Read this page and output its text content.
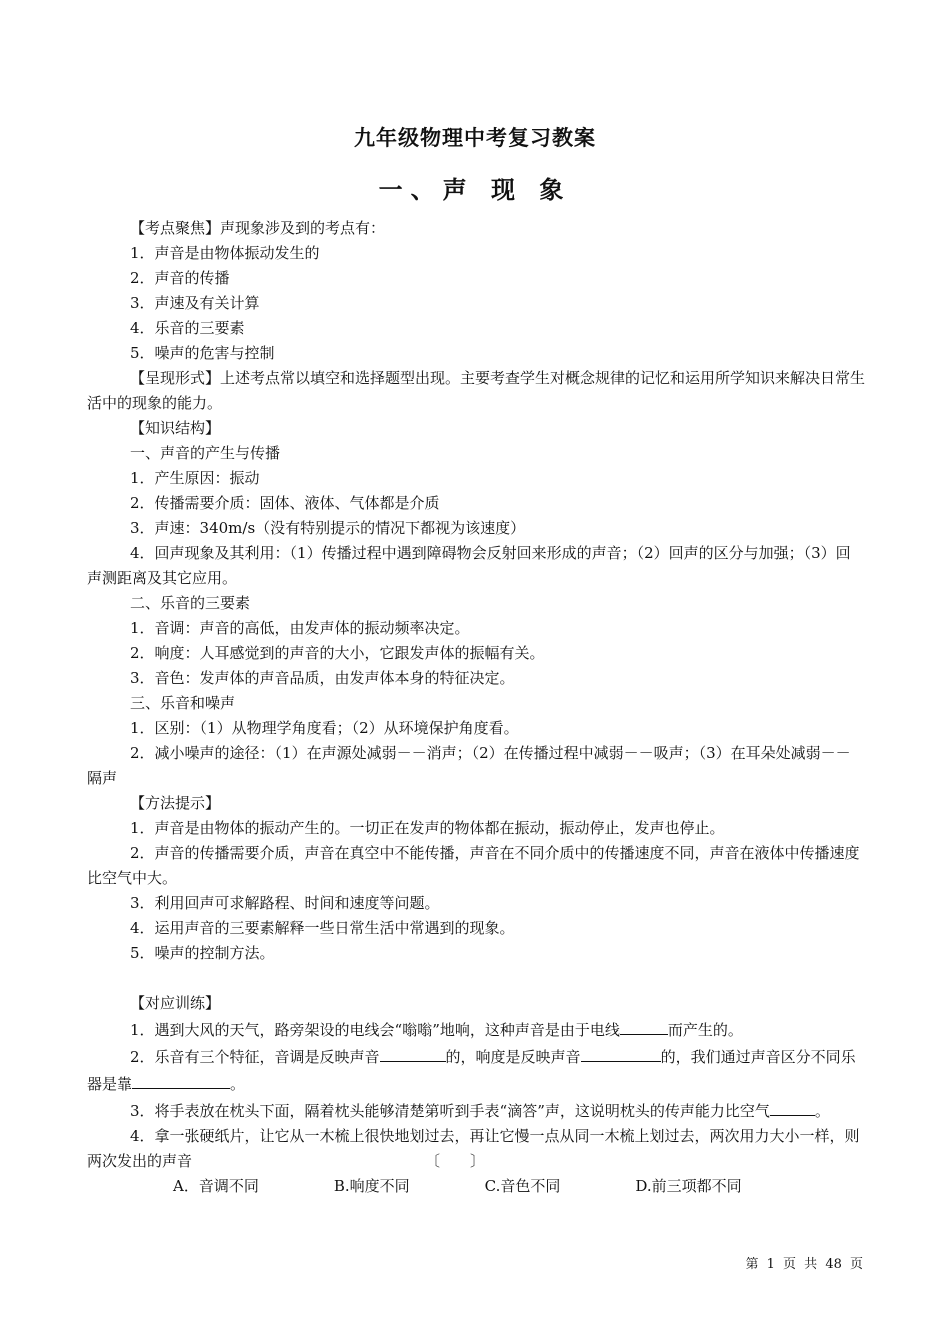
九年级物理中考复习教案
一、声 现 象

【考点聚焦】声现象涉及到的考点有：

1．声音是由物体振动发生的

2．声音的传播

3．声速及有关计算

4．乐音的三要素

5．噪声的危害与控制

【呈现形式】上述考点常以填空和选择题型出现。主要考查学生对概念规律的记忆和运用所学知识来解决日常生活中的现象的能力。

【知识结构】

一、声音的产生与传播

1．产生原因：振动

2．传播需要介质：固体、液体、气体都是介质

3．声速：340m/s（没有特别提示的情况下都视为该速度）

4．回声现象及其利用：（1）传播过程中遇到障碍物会反射回来形成的声音；（2）回声的区分与加强；（3）回声测距离及其它应用。

二、乐音的三要素

1．音调：声音的高低，由发声体的振动频率决定。

2．响度：人耳感觉到的声音的大小，它跟发声体的振幅有关。

3．音色：发声体的声音品质，由发声体本身的特征决定。

三、乐音和噪声

1．区别：（1）从物理学角度看；（2）从环境保护角度看。

2．减小噪声的途径：（1）在声源处减弱－－消声；（2）在传播过程中减弱－－吸声；（3）在耳朵处减弱－－隔声

【方法提示】

1．声音是由物体的振动产生的。一切正在发声的物体都在振动，振动停止，发声也停止。

2．声音的传播需要介质，声音在真空中不能传播，声音在不同介质中的传播速度不同，声音在液体中传播速度比空气中大。

3．利用回声可求解路程、时间和速度等问题。

4．运用声音的三要素解释一些日常生活中常遇到的现象。

5．噪声的控制方法。

【对应训练】

1．遇到大风的天气，路旁架设的电线会“嗡嗡”地响，这种声音是由于电线	而产生的。

2．乐音有三个特征，音调是反映声音	的，响度是反映声音	的，我们通过声音区分不同乐器是靠	。

3．将手表放在枕头下面，隔着枕头能够清楚第听到手表“滴答”声，这说明枕头的传声能力比空气	。

4．拿一张硬纸片，让它从一木梳上很快地划过去，再让它慢一点从同一木梳上划过去，两次用力大小一样，则两次发出的声音	〔　　〕

A．音调不同	B.响度不同	C.音色不同	D.前三项都不同

第 1 页 共 48 页
